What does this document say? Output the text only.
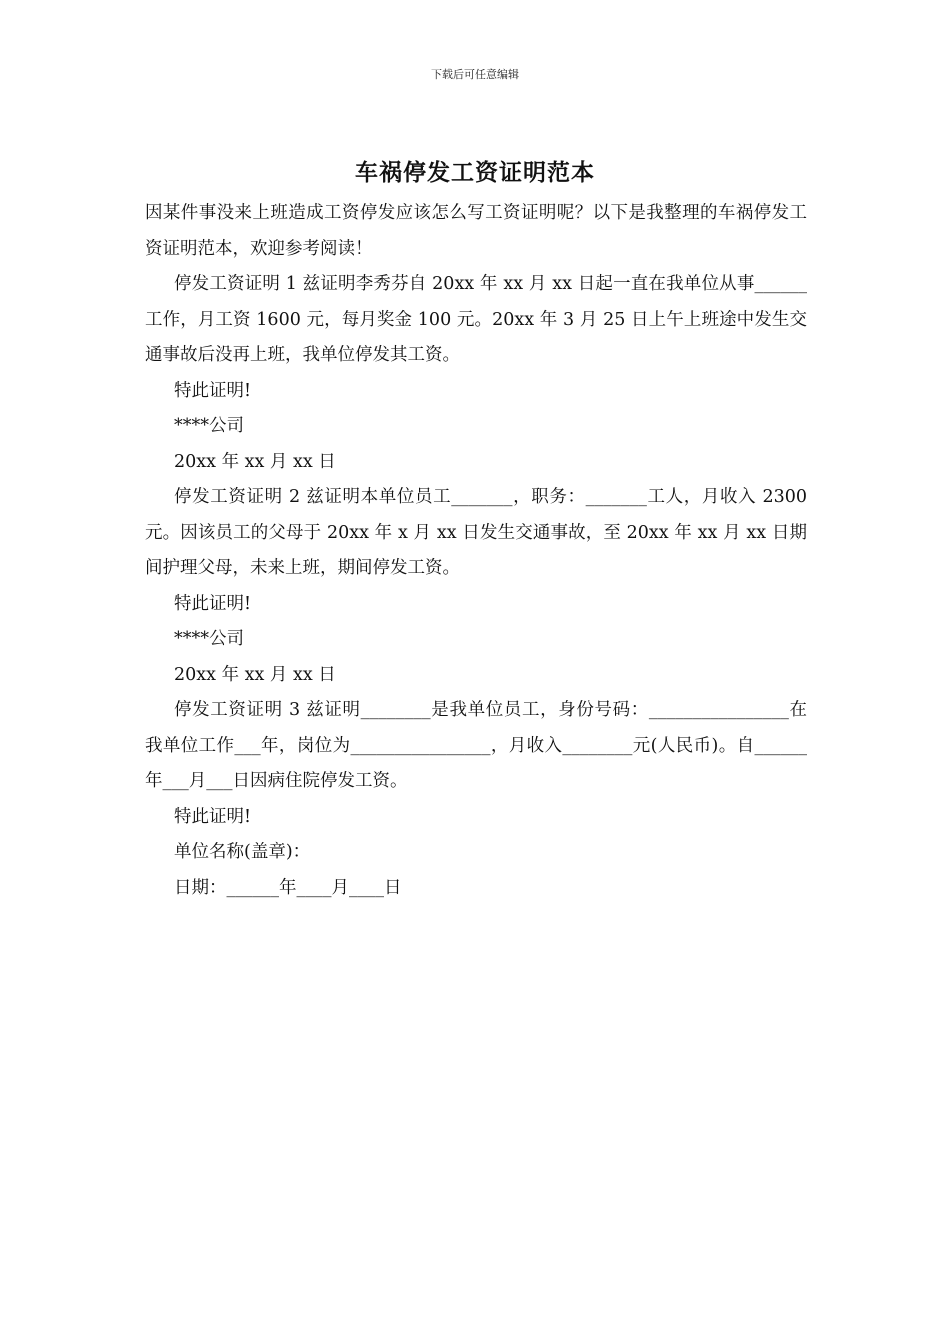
下载后可任意编辑
车祸停发工资证明范本

因某件事没来上班造成工资停发应该怎么写工资证明呢？以下是我整理的车祸停发工资证明范本，欢迎参考阅读！

停发工资证明 1 兹证明李秀芬自 20xx 年 xx 月 xx 日起一直在我单位从事______工作，月工资 1600 元，每月奖金 100 元。20xx 年 3 月 25 日上午上班途中发生交通事故后没再上班，我单位停发其工资。

特此证明!

****公司

20xx 年 xx 月 xx 日

停发工资证明 2 兹证明本单位员工_______，职务：_______工人，月收入 2300 元。因该员工的父母于 20xx 年 x 月 xx 日发生交通事故，至 20xx 年 xx 月 xx 日期间护理父母，未来上班，期间停发工资。

特此证明!

****公司

20xx 年 xx 月 xx 日

停发工资证明 3 兹证明________是我单位员工，身份号码：________________在我单位工作___年，岗位为________________，月收入________元(人民币)。自______年___月___日因病住院停发工资。

特此证明!

单位名称(盖章)：

日期：______年____月____日
